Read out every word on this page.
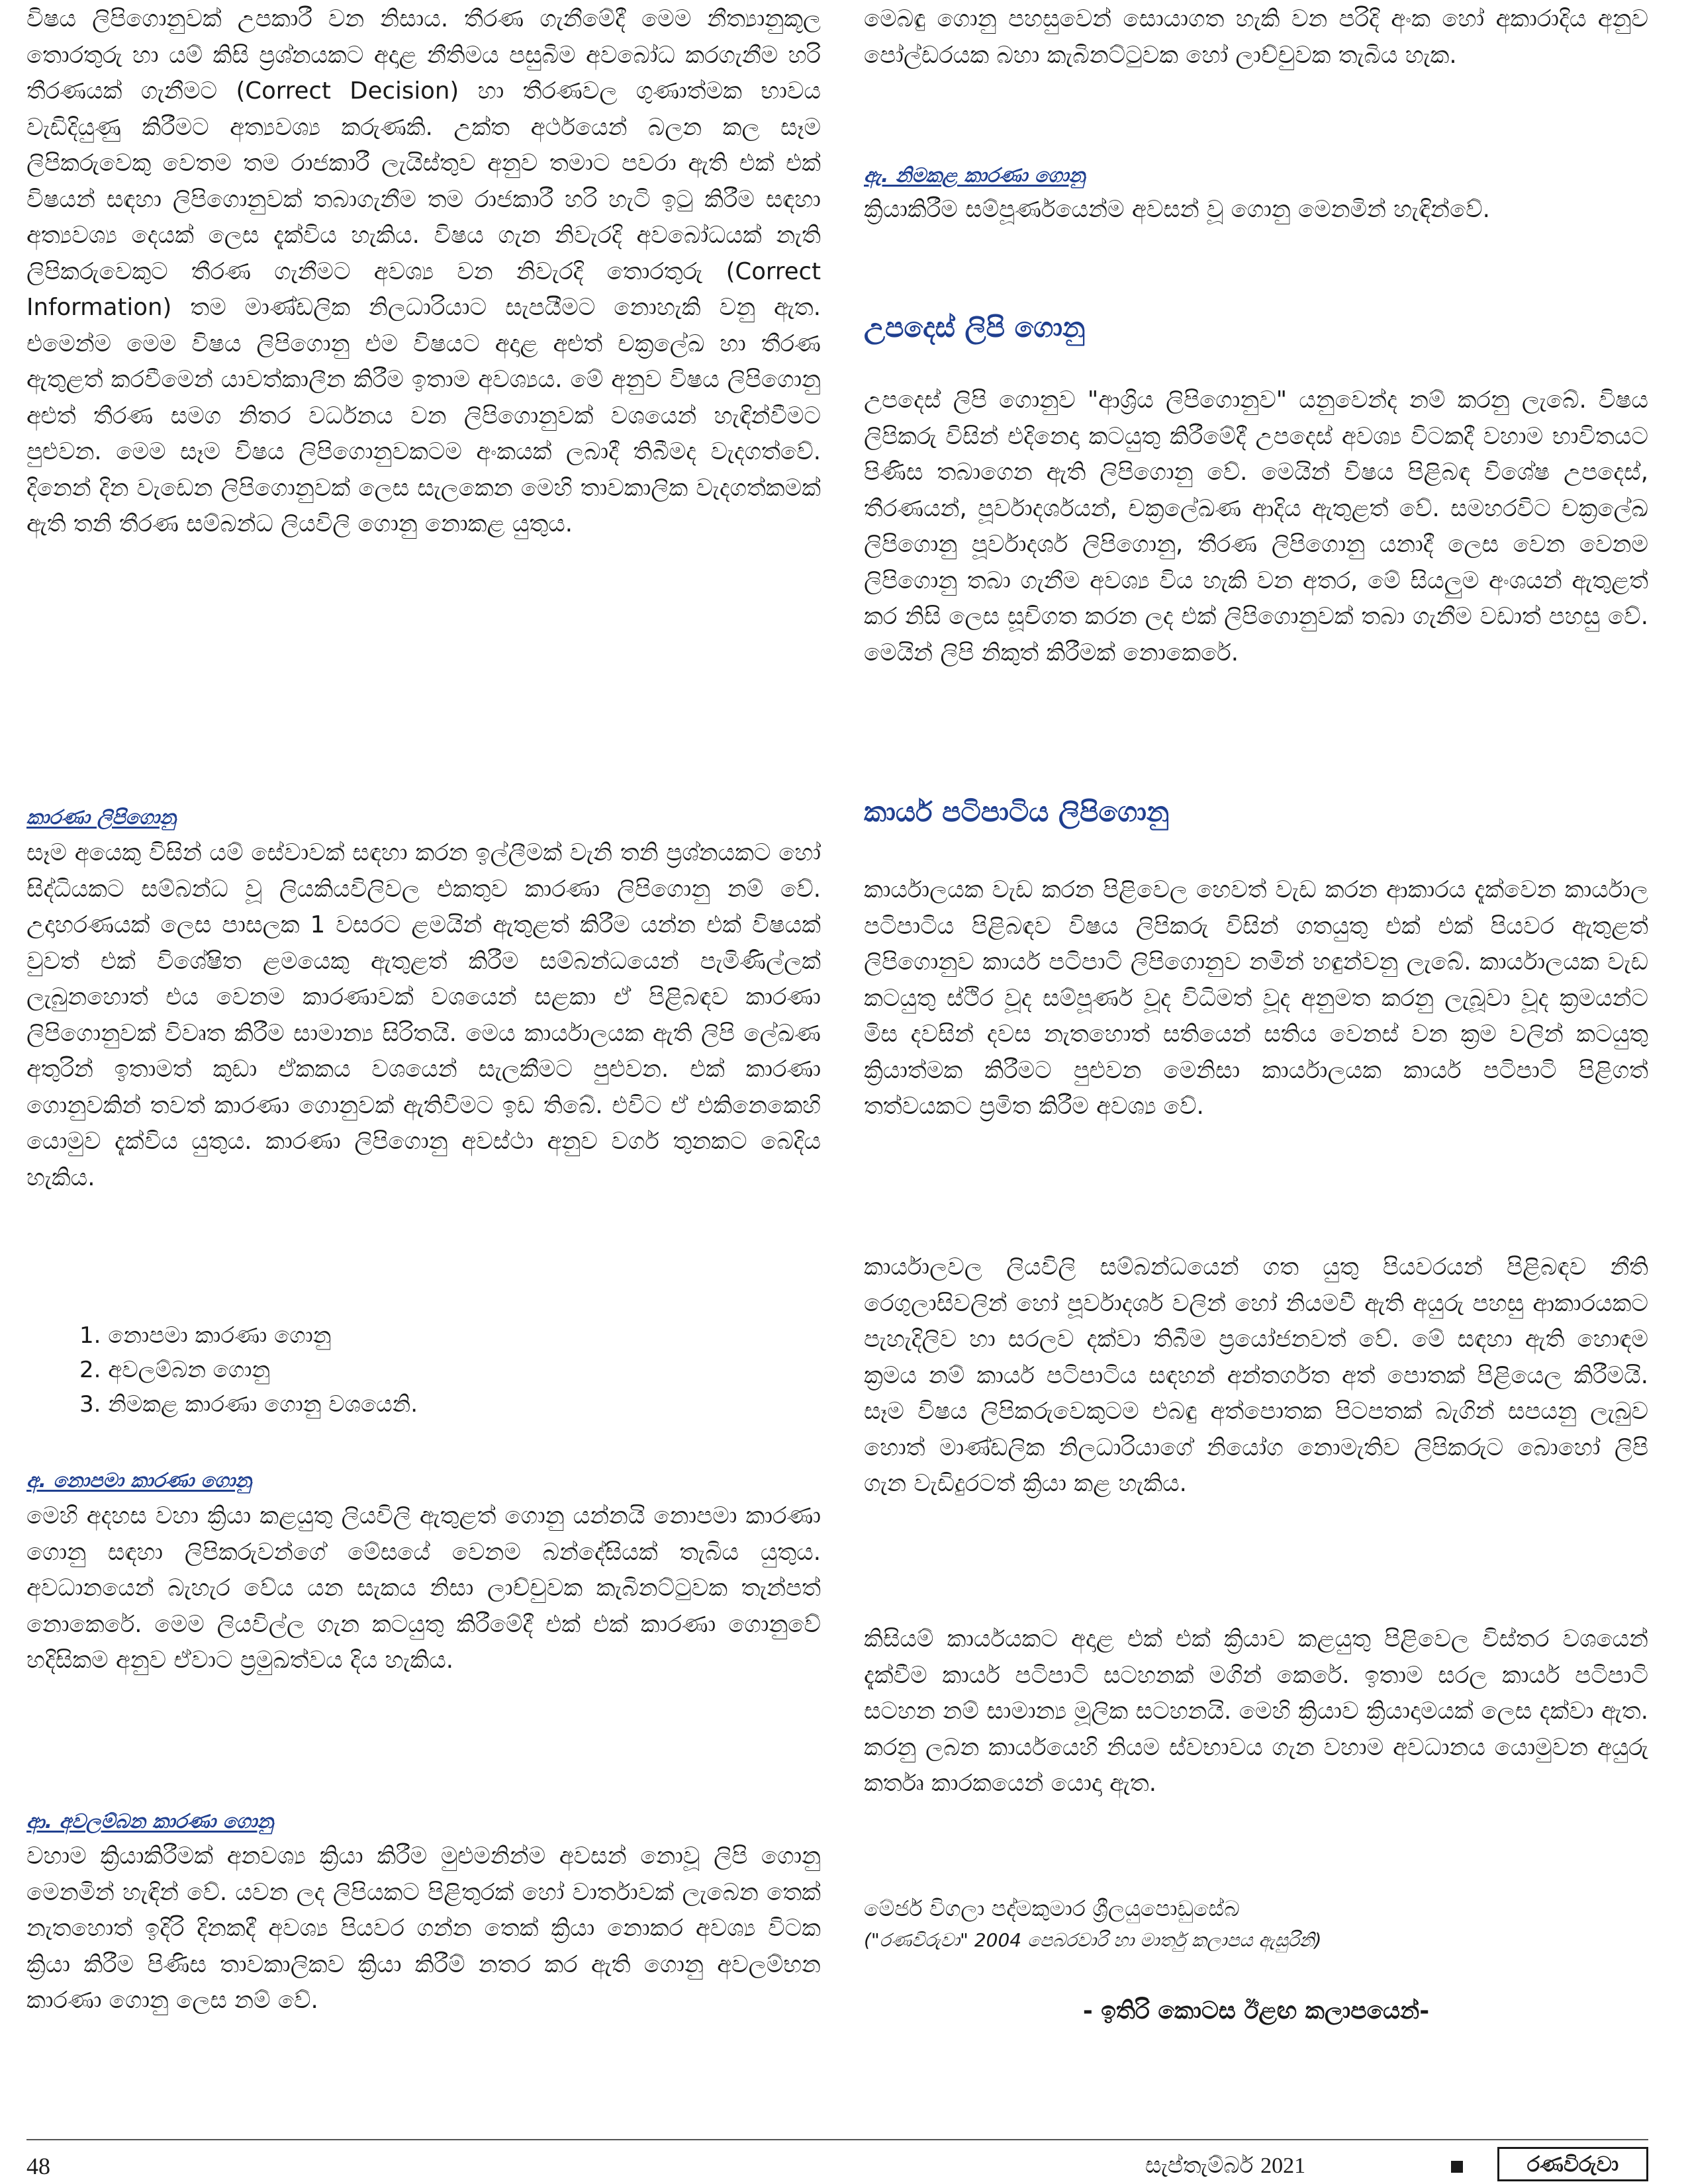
විෂය ලිපිගොනුවක් උපකාරී වන නිසාය. තීරණ ගැනීමේදී මෙම නීත්‍යානුකූල තොරතුරු හා යම් කිසි ප්‍රශ්නයකට අදාළ නීතිමය පසුබිම අවබෝධ කරගැනීම හරි තීරණයක් ගැනීමට (Correct Decision) හා තීරණවල ගුණාත්මක භාවය වැඩිදියුණු කිරීමට අත්‍යවශ්‍ය කරුණකි. උක්ත අර්ථයෙන් බලන කල සෑම ලිපිකරුවෙකු වෙතම තම රාජකාරී ලැයිස්තුව අනුව තමාට පවරා ඇති එක් එක් විෂයන් සඳහා ලිපිගොනුවක් තබාගැනීම තම රාජකාරී හරි හැටි ඉටු කිරීම සඳහා අත්‍යවශ්‍ය දෙයක් ලෙස දැක්විය හැකිය. විෂය ගැන නිවැරදි අවබෝධයක් නැති ලිපිකරුවෙකුට තීරණ ගැනීමට අවශ්‍ය වන නිවැරදි තොරතුරු (Correct Information) තම මාණ්ඩලික නිලධාරියාට සැපයීමට නොහැකි වනු ඇත. එමෙන්ම මෙම විෂය ලිපිගොනු එම විෂයට අදාළ අළුත් චක්‍රලේඛ හා තීරණ ඇතුළත් කරවීමෙන් යාවත්කාලීන කිරීම ඉතාම අවශ්‍යය. මේ අනුව විෂය ලිපිගොනු අළුත් තීරණ සමග නිතර වර්ධනය වන ලිපිගොනුවක් වශයෙන් හැඳින්වීමට පුළුවන. මෙම සෑම විෂය ලිපිගොනුවකටම අංකයක් ලබාදී තිබීමද වැදගත්වේ. දිනෙන් දින වැඩෙන ලිපිගොනුවක් ලෙස සැලකෙන මෙහි තාවකාලික වැදගත්කමක් ඇති තනි තීරණ සම්බන්ධ ලියවිලි ගොනු නොකළ යුතුය.

කාරණා ලිපිගොනු

සෑම අයෙකු විසින් යම් සේවාවක් සඳහා කරන ඉල්ලීමක් වැනි තනි ප්‍රශ්නයකට හෝ සිද්ධියකට සම්බන්ධ වූ ලියකියවිලිවල එකතුව කාරණා ලිපිගොනු නම් වේ. උදාහරණයක් ලෙස පාසලක 1 වසරට ළමයින් ඇතුළත් කිරීම යන්න එක් විෂයක් වුවත් එක් විශේෂිත ළමයෙකු ඇතුළත් කිරීම සම්බන්ධයෙන් පැමිණිල්ලක් ලැබුනහොත් එය වෙනම කාරණාවක් වශයෙන් සළකා ඒ පිළිබඳව කාරණා ලිපිගොනුවක් විවෘත කිරීම සාමාන්‍ය සිරිතයි. මෙය කාර්යාලයක ඇති ලිපි ලේඛණ අතුරින් ඉතාමත් කුඩා ඒකකය වශයෙන් සැලකීමට පුළුවන. එක් කාරණා ගොනුවකින් තවත් කාරණා ගොනුවක් ඇතිවීමට ඉඩ තිබේ. එවිට ඒ එකිනෙකෙහි යොමුව දැක්විය යුතුය. කාරණා ලිපිගොනු අවස්ථා අනුව වර්ග තුනකට බෙදිය හැකිය.

1. නොපමා කාරණා ගොනු
2. අවලම්බන ගොනු
3. නිමකළ කාරණා ගොනු වශයෙනි.
අ. නොපමා කාරණා ගොනු

මෙහි අදහස වහා ක්‍රියා කළයුතු ලියවිලි ඇතුළත් ගොනු යන්නයි නොපමා කාරණා ගොනු සඳහා ලිපිකරුවන්ගේ මේසයේ වෙනම බන්දේසියක් තැබිය යුතුය. අවධානයෙන් බැහැර වේය යන සැකය නිසා ලාච්චුවක කැබිනට්ටුවක තැන්පත් නොකෙරේ. මෙම ලියවිල්ල ගැන කටයුතු කිරීමේදී එක් එක් කාරණා ගොනුවේ හදිසිකම අනුව ඒවාට ප්‍රමුඛත්වය දිය හැකිය.

ආ. අවලම්බන කාරණා ගොනු

වහාම ක්‍රියාකිරීමක් අනවශ්‍ය ක්‍රියා කිරීම මුළුමනින්ම අවසන් නොවූ ලිපි ගොනු මෙනමින් හැඳින් වේ. යවන ලද ලිපියකට පිළිතුරක් හෝ වාර්තාවක් ලැබෙන තෙක් නැතහොත් ඉදිරි දිනකදී අවශ්‍ය පියවර ගන්න තෙක් ක්‍රියා නොකර අවශ්‍ය විටක ක්‍රියා කිරීම පිණිස තාවකාලිකව ක්‍රියා කිරීම් නතර කර ඇති ගොනු අවලම්භන කාරණා ගොනු ලෙස නම් වේ.

මෙබඳු ගොනු පහසුවෙන් සොයාගත හැකි වන පරිදි අංක හෝ අකාරාදිය අනුව පෝල්ඩරයක බහා කැබිනට්ටුවක හෝ ලාච්චුවක තැබිය හැක.

ඇ. නිමකළ කාරණා ගොනු

ක්‍රියාකිරීම සම්පූර්ණයෙන්ම අවසන් වූ ගොනු මෙනමින් හැඳින්වේ.

උපදෙස් ලිපි ගොනු

උපදෙස් ලිපි ගොනුව "ආශ්‍රිය ලිපිගොනුව" යනුවෙන්ද නම් කරනු ලැබේ. විෂය ලිපිකරු විසින් එදිනෙදා කටයුතු කිරීමේදී උපදෙස් අවශ්‍ය විටකදී වහාම භාවිතයට පිණිස තබාගෙන ඇති ලිපිගොනු වේ. මෙයින් විෂය පිළිබඳ විශේෂ උපදෙස්, තීරණයන්, පූර්වාදර්ශයන්, චක්‍රලේඛණ ආදිය ඇතුළත් වේ. සමහරවිට චක්‍රලේඛ ලිපිගොනු පූර්වාදර්ශ ලිපිගොනු, තීරණ ලිපිගොනු යනාදී ලෙස වෙන වෙනම ලිපිගොනු තබා ගැනීම අවශ්‍ය විය හැකි වන අතර, මේ සියලුම අංශයන් ඇතුළත් කර නිසි ලෙස සූචිගත කරන ලද එක් ලිපිගොනුවක් තබා ගැනීම වඩාත් පහසු වේ. මෙයින් ලිපි නිකුත් කිරීමක් නොකෙරේ.

කාර්ය පටිපාටිය ලිපිගොනු

කාර්යාලයක වැඩ කරන පිළිවෙල හෙවත් වැඩ කරන ආකාරය දැක්වෙන කාර්යාල පටිපාටිය පිළිබඳව විෂය ලිපිකරු විසින් ගතයුතු එක් එක් පියවර ඇතුළත් ලිපිගොනුව කාර්ය පටිපාටි ලිපිගොනුව නමින් හඳුන්වනු ලැබේ. කාර්යාලයක වැඩ කටයුතු ස්ථිර වූද සම්පූර්ණ වූද විධිමත් වූද අනුමත කරනු ලැබූවා වූද ක්‍රමයන්ට මිස දවසින් දවස නැතහොත් සතියෙන් සතිය වෙනස් වන ක්‍රම වලින් කටයුතු ක්‍රියාත්මක කිරීමට පුළුවන මෙනිසා කාර්යාලයක කාර්ය පටිපාටි පිළිගත් තත්වයකට ප්‍රමිත කිරීම අවශ්‍ය වේ.

කාර්යාලවල ලියවිලි සම්බන්ධයෙන් ගත යුතු පියවරයන් පිළිබඳව නීති රෙගුලාසිවලින් හෝ පූර්වාදර්ශ වලින් හෝ නියමවී ඇති අයුරු පහසු ආකාරයකට පැහැදිලිව හා සරලව දක්වා තිබීම ප්‍රයෝජනවත් වේ. මේ සඳහා ඇති හොඳම ක්‍රමය නම් කාර්ය පටිපාටිය සඳහන් අන්තර්ගත අත් පොතක් පිළියෙල කිරීමයි. සෑම විෂය ලිපිකරුවෙකුටම එබඳු අත්පොතක පිටපතක් බැගින් සපයනු ලැබුව හොත් මාණ්ඩලික නිලධාරියාගේ නියෝග නොමැතිව ලිපිකරුට බොහෝ ලිපි ගැන වැඩිදුරටත් ක්‍රියා කළ හැකිය.

කිසියම් කාර්යයකට අදාළ එක් එක් ක්‍රියාව කළයුතු පිළිවෙල විස්තර වශයෙන් දැක්වීම කාර්ය පටිපාටි සටහනක් මගින් කෙරේ. ඉතාම සරල කාර්ය පටිපාටි සටහන නම් සාමාන්‍ය මූලික සටහනයි. මෙහි ක්‍රියාව ක්‍රියාදාමයක් ලෙස දක්වා ඇත. කරනු ලබන කාර්යයෙහි නියම ස්වභාවය ගැන වහාම අවධානය යොමුවන අයුරු කර්තෘ කාරකයෙන් යොදා ඇත.

මේජර් විගලා පද්මකුමාර ශ්‍රීලයුපොඩුසේබ

("රණවිරුවා" 2004 පෙබරවාරි හා මාර්තු කලාපය ඇසුරිනි)

- ඉතිරි කොටස ඊළඟ කලාපයෙන්-

48	සැප්තැම්බර් 2021	රණවිරුවා
